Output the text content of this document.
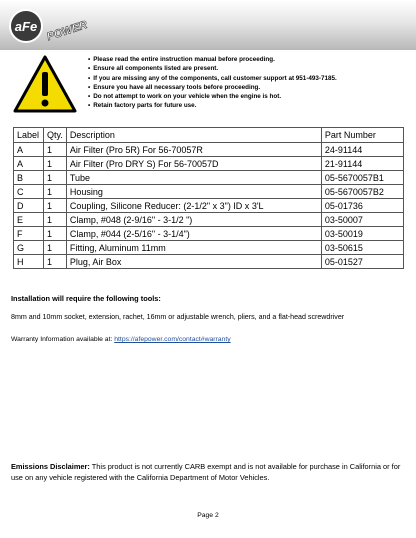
aFe POWER
• Please read the entire instruction manual before proceeding.
• Ensure all components listed are present.
• If you are missing any of the components, call customer support at 951-493-7185.
• Ensure you have all necessary tools before proceeding.
• Do not attempt to work on your vehicle when the engine is hot.
• Retain factory parts for future use.
Label	Qty.	Description	Part Number
A	1	Air Filter (Pro 5R) For 56-70057R	24-91144
A	1	Air Filter (Pro DRY S) For 56-70057D	21-91144
B	1	Tube	05-5670057B1
C	1	Housing	05-5670057B2
D	1	Coupling, Silicone Reducer: (2-1/2" x 3") ID x 3'L	05-01736
E	1	Clamp, #048 (2-9/16" - 3-1/2 ")	03-50007
F	1	Clamp, #044 (2-5/16" - 3-1/4")	03-50019
G	1	Fitting, Aluminum 11mm	03-50615
H	1	Plug, Air Box	05-01527
Installation will require the following tools:
8mm and 10mm socket, extension, rachet, 16mm or adjustable wrench, pliers, and a flat-head screwdriver
Warranty Information available at: https://afepower.com/contact#warranty
Emissions Disclaimer: This product is not currently CARB exempt and is not available for purchase in California or for use on any vehicle registered with the California Department of Motor Vehicles.
Page 2
